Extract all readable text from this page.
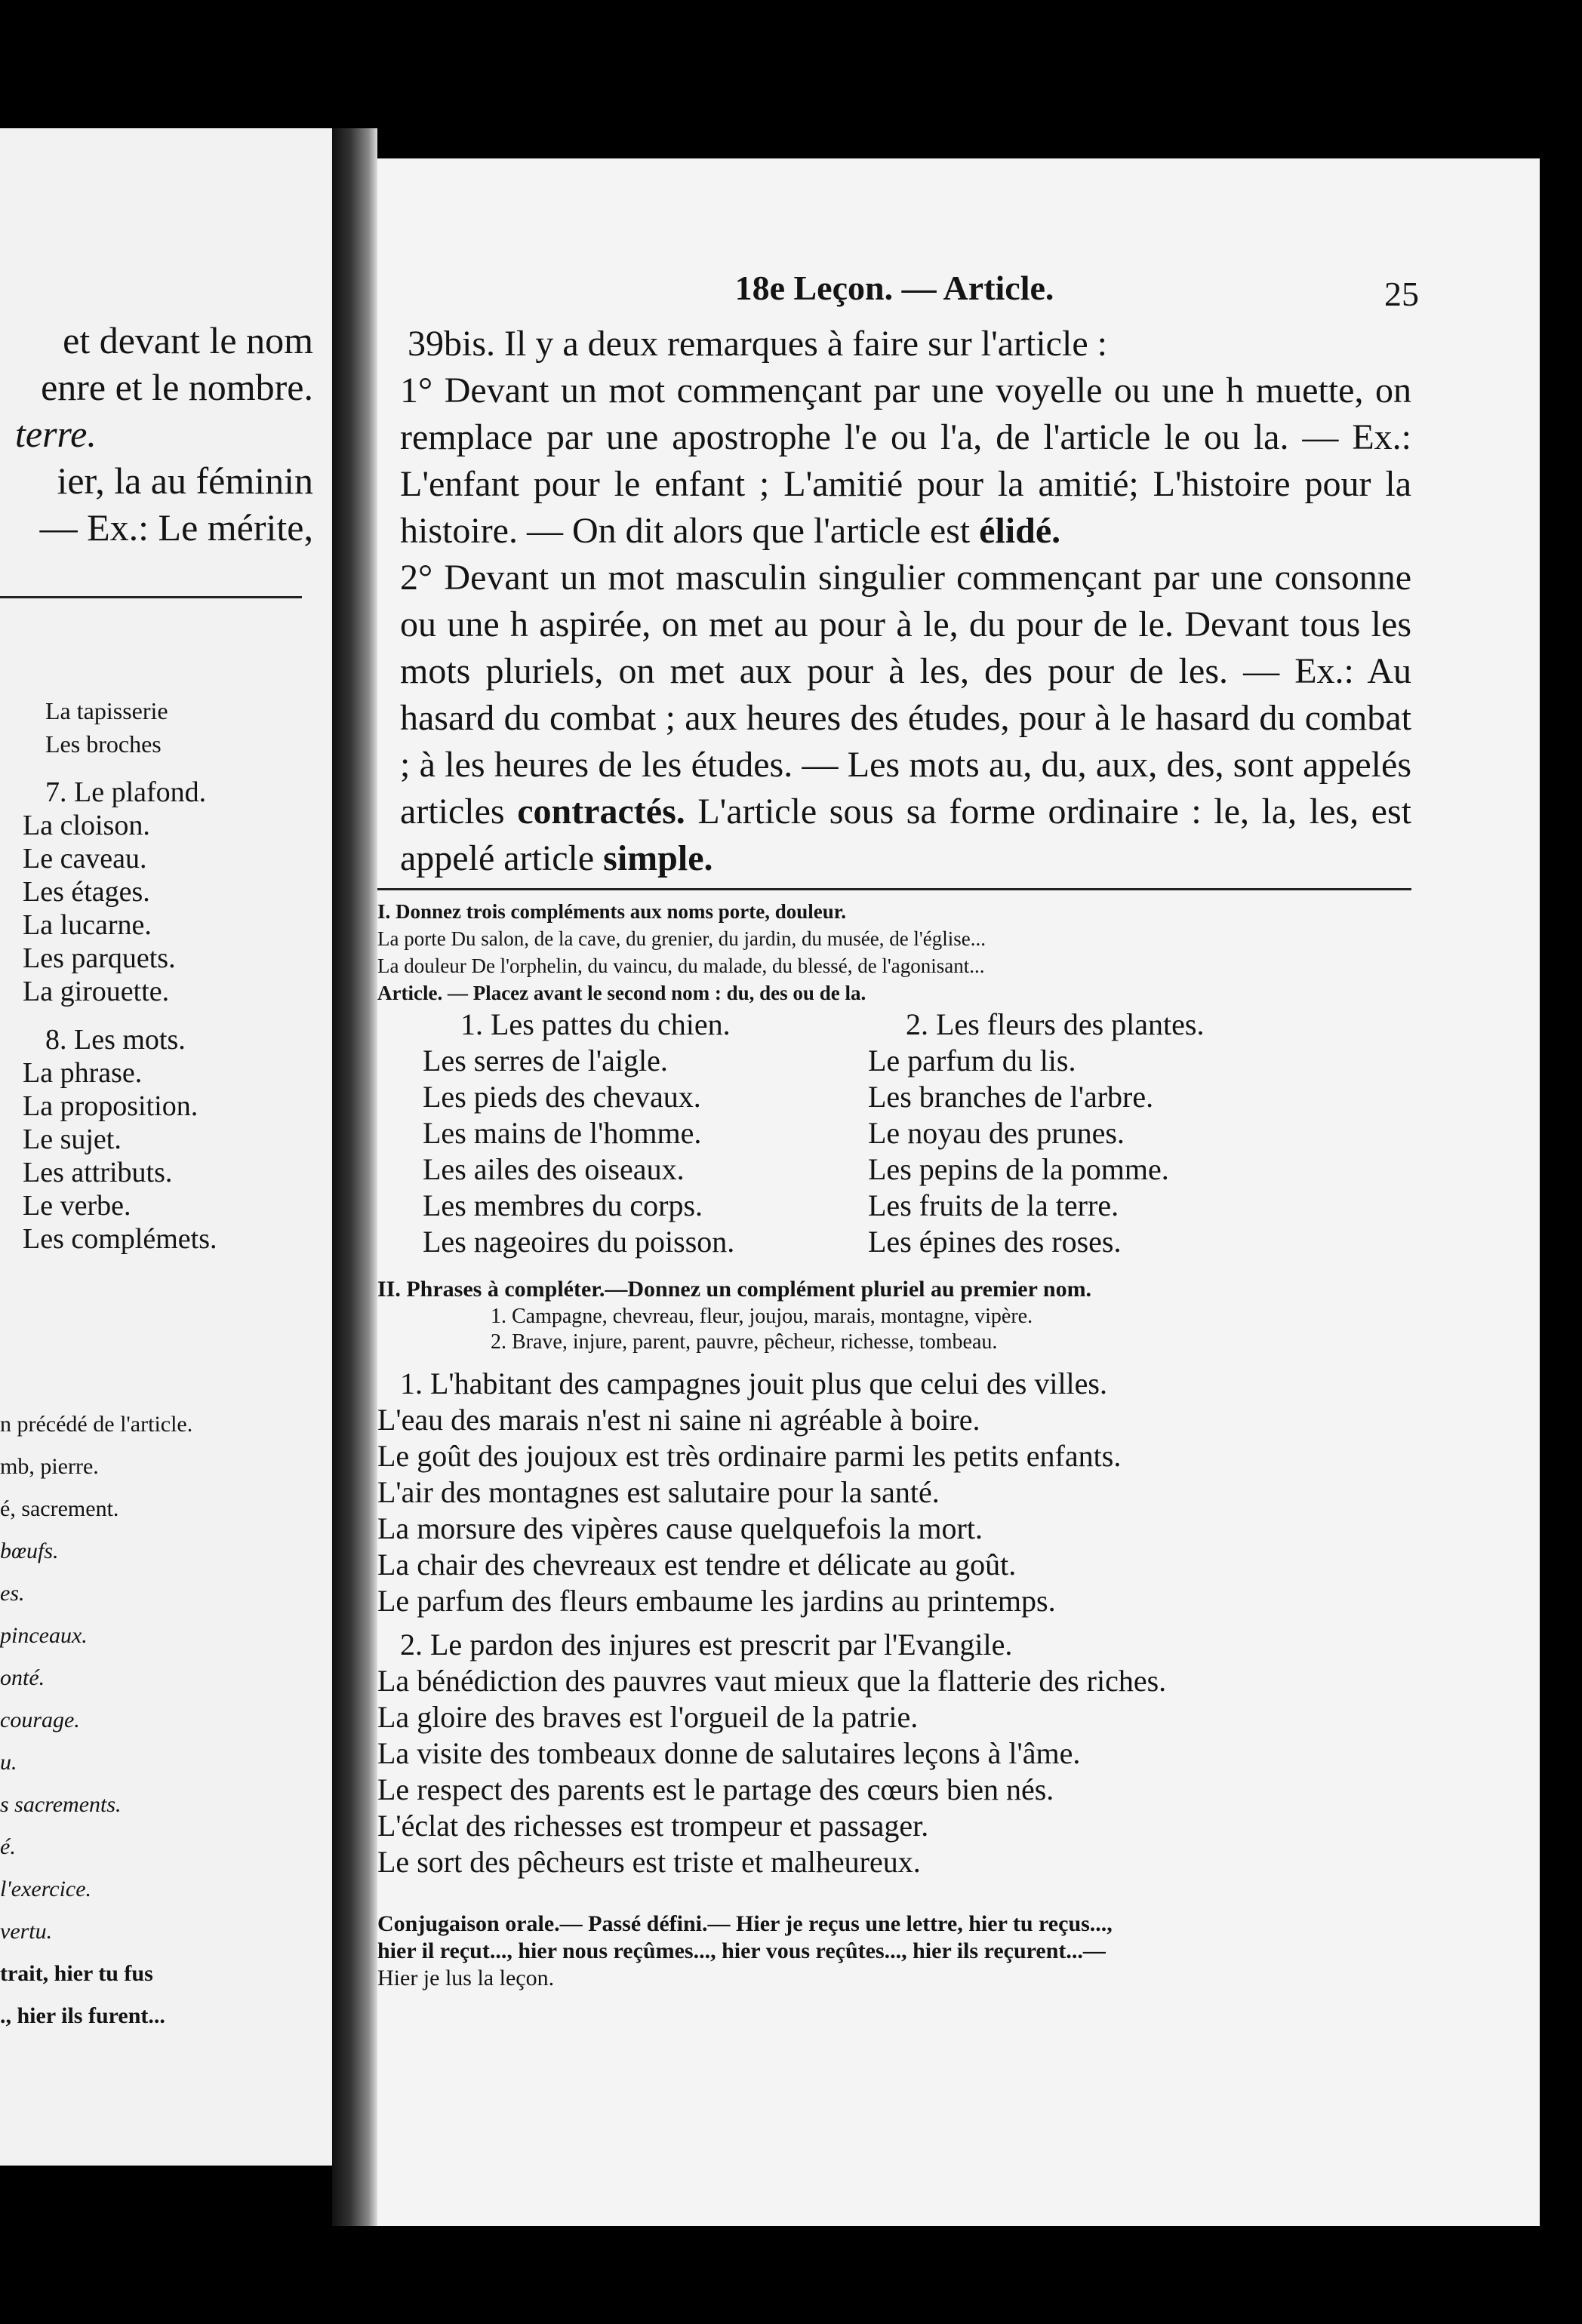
et devant le nom
enre et le nombre.
terre.
ier, la au féminin
— Ex.: Le mérite,
La tapisserie
Les broches
7. Le plafond.
La cloison.
Le caveau.
Les étages.
La lucarne.
Les parquets.
La girouette.
8. Les mots.
La phrase.
La proposition.
Le sujet.
Les attributs.
Le verbe.
Les complémets.
n précédé de l'article.
mb, pierre.
é, sacrement.
bœufs.
es.
pinceaux.
onté.
courage.
u.
s sacrements.
é.
l'exercice.
vertu.
trait, hier tu fus
., hier ils furent...
18e Leçon. — Article.	25

39bis. Il y a deux remarques à faire sur l'article :

1° Devant un mot commençant par une voyelle ou une h muette, on remplace par une apostrophe l'e ou l'a, de l'article le ou la. — Ex.: L'enfant pour le enfant ; L'amitié pour la amitié; L'histoire pour la histoire. — On dit alors que l'article est élidé.

2° Devant un mot masculin singulier commençant par une consonne ou une h aspirée, on met au pour à le, du pour de le. Devant tous les mots pluriels, on met aux pour à les, des pour de les. — Ex.: Au hasard du combat ; aux heures des études, pour à le hasard du combat ; à les heures de les études. — Les mots au, du, aux, des, sont appelés articles contractés. L'article sous sa forme ordinaire : le, la, les, est appelé article simple.

I. Donnez trois compléments aux noms porte, douleur.
La porte Du salon, de la cave, du grenier, du jardin, du musée, de l'église...
La douleur De l'orphelin, du vaincu, du malade, du blessé, de l'agonisant...
Article. — Placez avant le second nom : du, des ou de la.
1. Les pattes du chien.
Les serres de l'aigle.
Les pieds des chevaux.
Les mains de l'homme.
Les ailes des oiseaux.
Les membres du corps.
Les nageoires du poisson.
2. Les fleurs des plantes.
Le parfum du lis.
Les branches de l'arbre.
Le noyau des prunes.
Les pepins de la pomme.
Les fruits de la terre.
Les épines des roses.
II. Phrases à compléter.—Donnez un complément pluriel au premier nom.
1. Campagne, chevreau, fleur, joujou, marais, montagne, vipère.
2. Brave, injure, parent, pauvre, pêcheur, richesse, tombeau.
1. L'habitant des campagnes jouit plus que celui des villes.
L'eau des marais n'est ni saine ni agréable à boire.
Le goût des joujoux est très ordinaire parmi les petits enfants.
L'air des montagnes est salutaire pour la santé.
La morsure des vipères cause quelquefois la mort.
La chair des chevreaux est tendre et délicate au goût.
Le parfum des fleurs embaume les jardins au printemps.
2. Le pardon des injures est prescrit par l'Evangile.
La bénédiction des pauvres vaut mieux que la flatterie des riches.
La gloire des braves est l'orgueil de la patrie.
La visite des tombeaux donne de salutaires leçons à l'âme.
Le respect des parents est le partage des cœurs bien nés.
L'éclat des richesses est trompeur et passager.
Le sort des pêcheurs est triste et malheureux.
Conjugaison orale.— Passé défini.— Hier je reçus une lettre, hier tu reçus...,
hier il reçut..., hier nous reçûmes..., hier vous reçûtes..., hier ils reçurent...—
Hier je lus la leçon.
